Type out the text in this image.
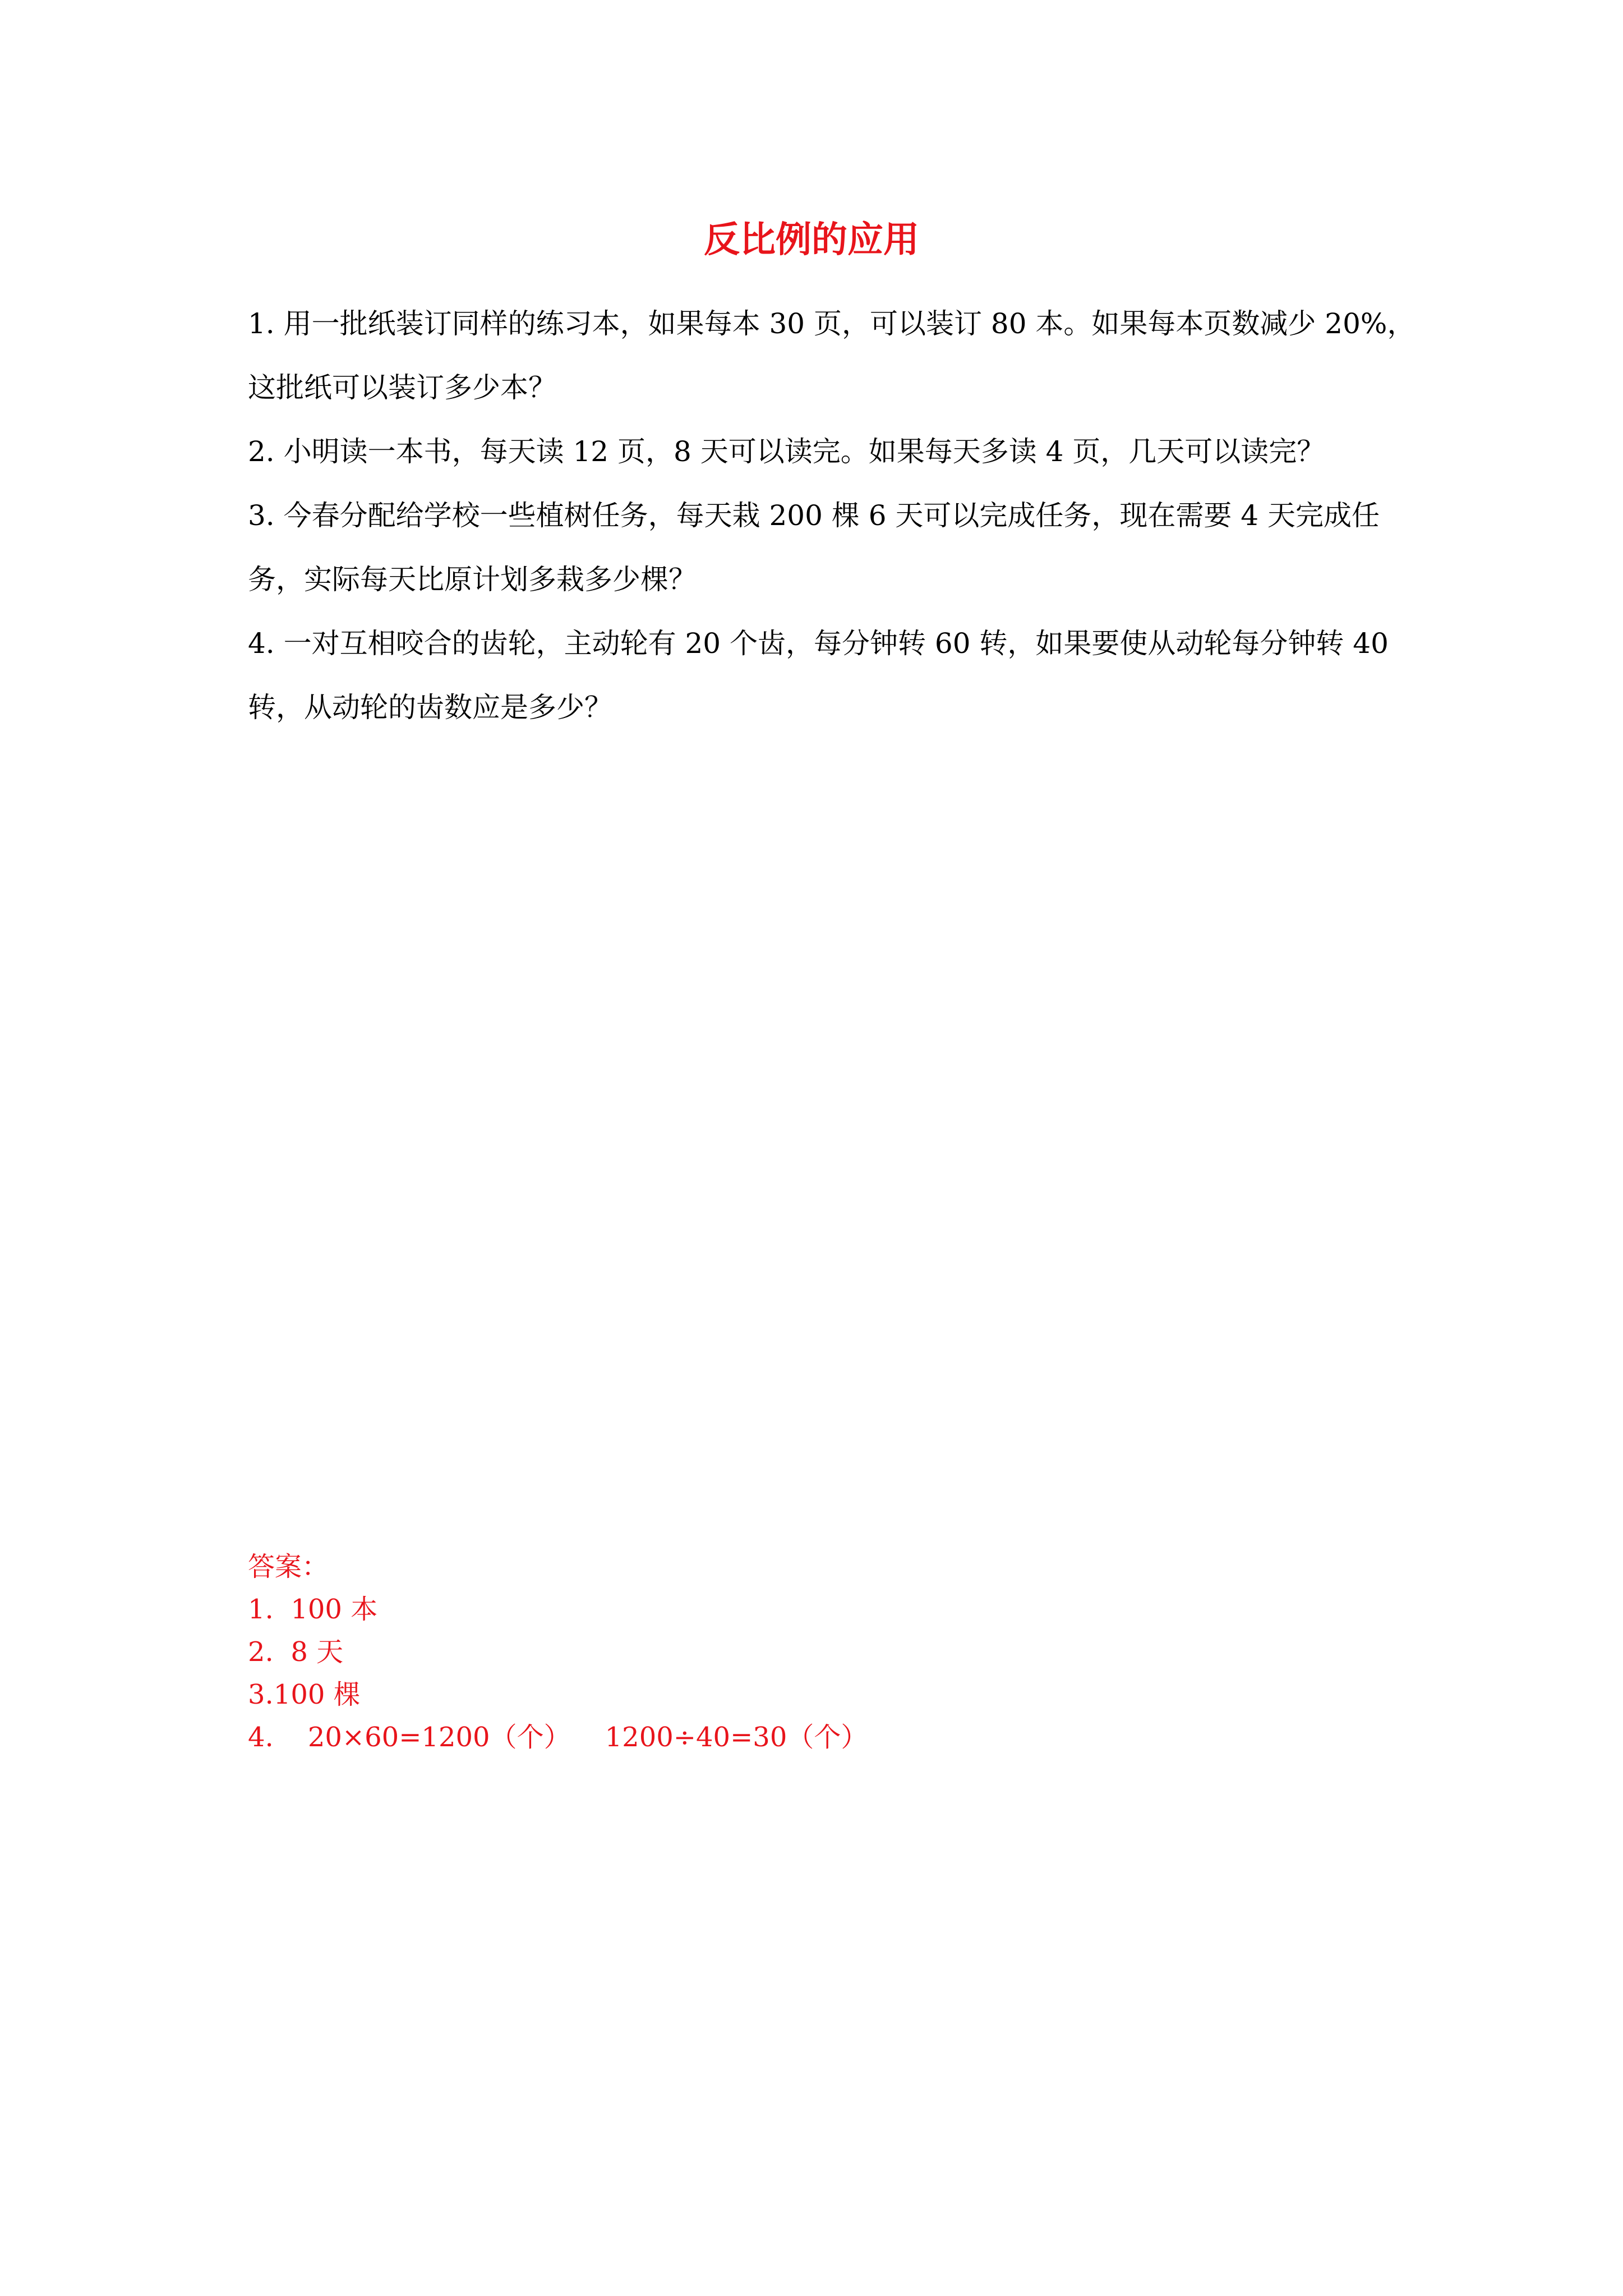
反比例的应用
1. 用一批纸装订同样的练习本，如果每本 30 页，可以装订 80 本。如果每本页数减少 20%，
这批纸可以装订多少本？
2. 小明读一本书，每天读 12 页，8 天可以读完。如果每天多读 4 页，几天可以读完？
3. 今春分配给学校一些植树任务，每天栽 200 棵 6 天可以完成任务，现在需要 4 天完成任
务，实际每天比原计划多栽多少棵？
4. 一对互相咬合的齿轮，主动轮有 20 个齿，每分钟转 60 转，如果要使从动轮每分钟转 40
转，从动轮的齿数应是多少？
答案：
1.  100 本
2.  8 天
3.100 棵
4.    20×60=1200（个）    1200÷40=30（个）
